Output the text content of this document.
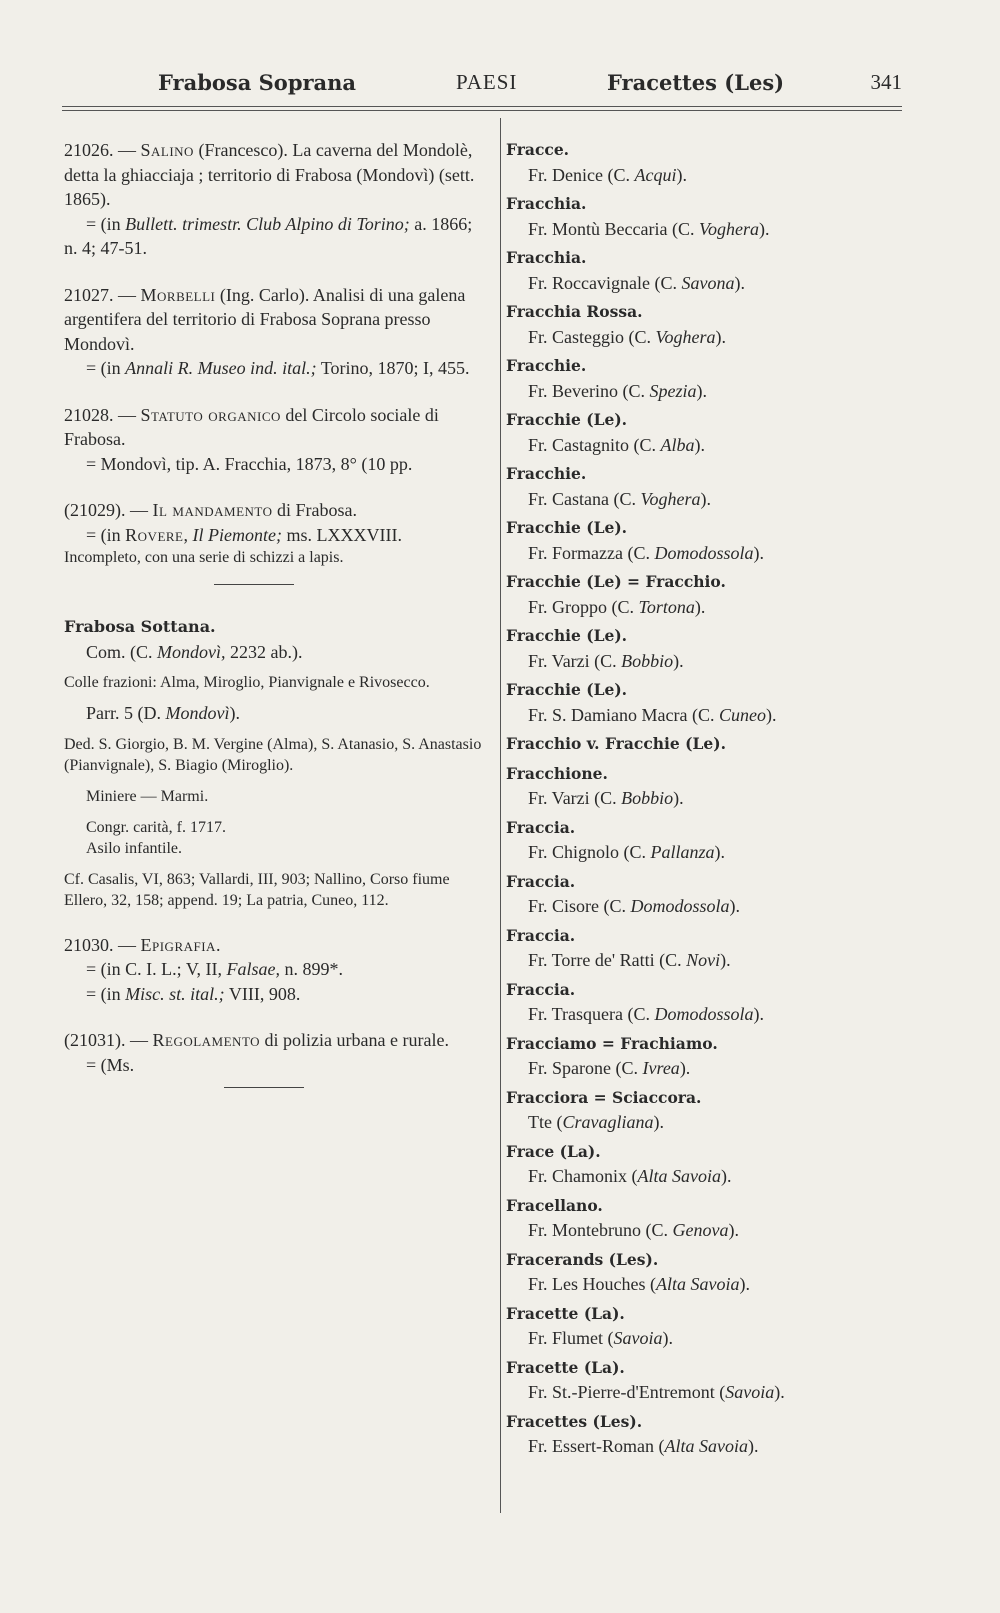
Frabosa Soprana	PAESI	Fracettes (Les)	341

21026. — Salino (Francesco). La caverna del Mondolè, detta la ghiacciaja ; territorio di Frabosa (Mondovì) (sett. 1865).

= (in Bullett. trimestr. Club Alpino di Torino; a. 1866; n. 4; 47-51.

21027. — Morbelli (Ing. Carlo). Analisi di una galena argentifera del territorio di Frabosa Soprana presso Mondovì.

= (in Annali R. Museo ind. ital.; Torino, 1870; I, 455.

21028. — Statuto organico del Circolo sociale di Frabosa.

= Mondovì, tip. A. Fracchia, 1873, 8° (10 pp.

(21029). — Il mandamento di Frabosa.

= (in Rovere, Il Piemonte; ms. LXXXVIII.

Incompleto, con una serie di schizzi a lapis.

Frabosa Sottana.

Com. (C. Mondovì, 2232 ab.).

Colle frazioni: Alma, Miroglio, Pianvignale e Rivosecco.

Parr. 5 (D. Mondovì).

Ded. S. Giorgio, B. M. Vergine (Alma), S. Atanasio, S. Anastasio (Pianvignale), S. Biagio (Miroglio).

Miniere — Marmi.

Congr. carità, f. 1717.

Asilo infantile.

Cf. Casalis, VI, 863; Vallardi, III, 903; Nallino, Corso fiume Ellero, 32, 158; append. 19; La patria, Cuneo, 112.

21030. — Epigrafia.

= (in C. I. L.; V, II, Falsae, n. 899*.

= (in Misc. st. ital.; VIII, 908.

(21031). — Regolamento di polizia urbana e rurale.

= (Ms.

Fracce.

Fr. Denice (C. Acqui).

Fracchia.

Fr. Montù Beccaria (C. Voghera).

Fracchia.

Fr. Roccavignale (C. Savona).

Fracchia Rossa.

Fr. Casteggio (C. Voghera).

Fracchie.

Fr. Beverino (C. Spezia).

Fracchie (Le).

Fr. Castagnito (C. Alba).

Fracchie.

Fr. Castana (C. Voghera).

Fracchie (Le).

Fr. Formazza (C. Domodossola).

Fracchie (Le) = Fracchio.

Fr. Groppo (C. Tortona).

Fracchie (Le).

Fr. Varzi (C. Bobbio).

Fracchie (Le).

Fr. S. Damiano Macra (C. Cuneo).

Fracchio v. Fracchie (Le).

Fracchione.

Fr. Varzi (C. Bobbio).

Fraccia.

Fr. Chignolo (C. Pallanza).

Fraccia.

Fr. Cisore (C. Domodossola).

Fraccia.

Fr. Torre de' Ratti (C. Novi).

Fraccia.

Fr. Trasquera (C. Domodossola).

Fracciamo = Frachiamo.

Fr. Sparone (C. Ivrea).

Fracciora = Sciaccora.

Tte (Cravagliana).

Frace (La).

Fr. Chamonix (Alta Savoia).

Fracellano.

Fr. Montebruno (C. Genova).

Fracerands (Les).

Fr. Les Houches (Alta Savoia).

Fracette (La).

Fr. Flumet (Savoia).

Fracette (La).

Fr. St.-Pierre-d'Entremont (Savoia).

Fracettes (Les).

Fr. Essert-Roman (Alta Savoia).
